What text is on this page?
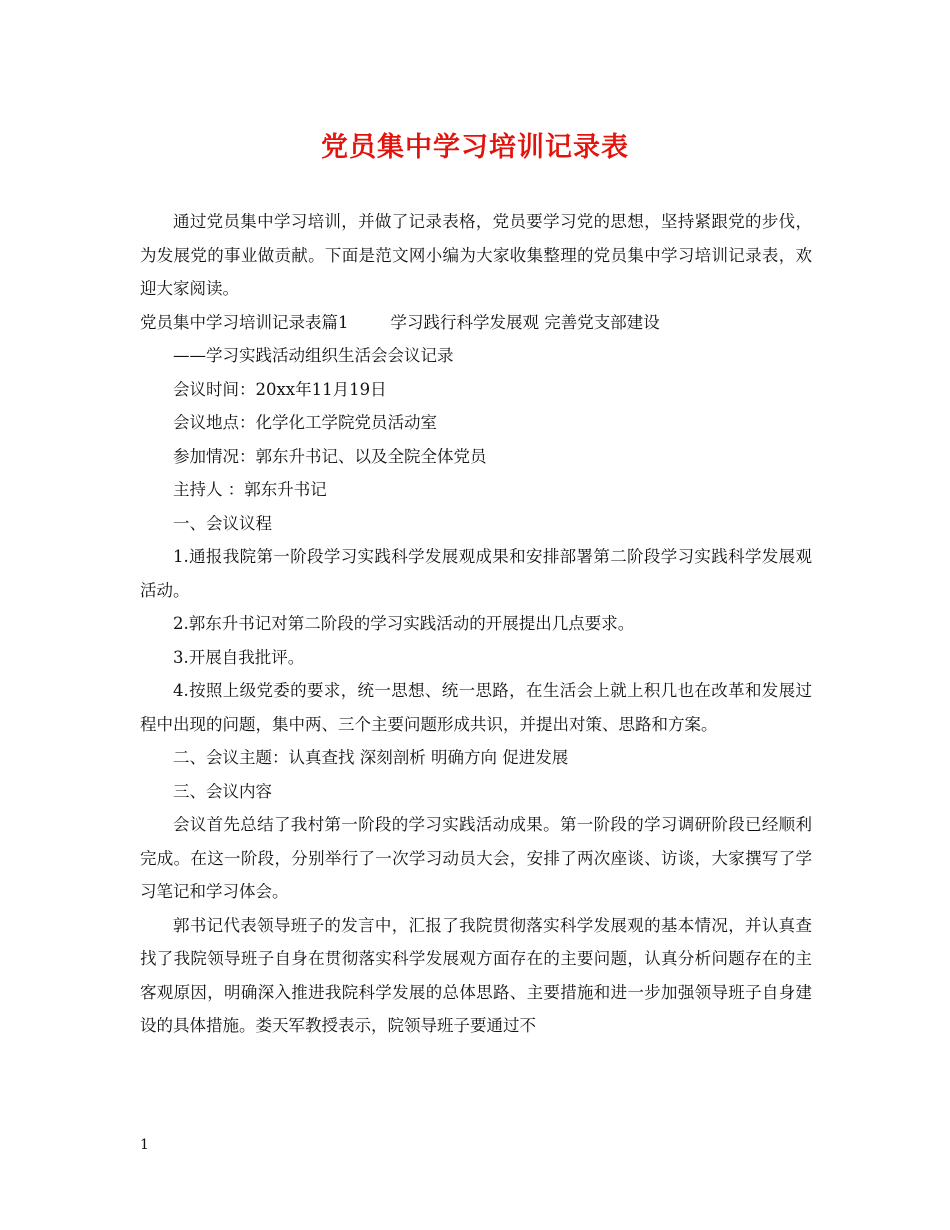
党员集中学习培训记录表

通过党员集中学习培训，并做了记录表格，党员要学习党的思想，坚持紧跟党的步伐，为发展党的事业做贡献。下面是范文网小编为大家收集整理的党员集中学习培训记录表，欢迎大家阅读。

党员集中学习培训记录表篇1        学习践行科学发展观 完善党支部建设

——学习实践活动组织生活会会议记录

会议时间：20xx年11月19日

会议地点：化学化工学院党员活动室

参加情况：郭东升书记、以及全院全体党员

主持人 ：郭东升书记

一、会议议程

1.通报我院第一阶段学习实践科学发展观成果和安排部署第二阶段学习实践科学发展观活动。

2.郭东升书记对第二阶段的学习实践活动的开展提出几点要求。

3.开展自我批评。

4.按照上级党委的要求，统一思想、统一思路，在生活会上就上积几也在改革和发展过程中出现的问题，集中两、三个主要问题形成共识，并提出对策、思路和方案。

二、会议主题：认真查找 深刻剖析 明确方向 促进发展

三、会议内容

会议首先总结了我村第一阶段的学习实践活动成果。第一阶段的学习调研阶段已经顺利完成。在这一阶段，分别举行了一次学习动员大会，安排了两次座谈、访谈，大家撰写了学习笔记和学习体会。

郭书记代表领导班子的发言中，汇报了我院贯彻落实科学发展观的基本情况，并认真查找了我院领导班子自身在贯彻落实科学发展观方面存在的主要问题，认真分析问题存在的主客观原因，明确深入推进我院科学发展的总体思路、主要措施和进一步加强领导班子自身建设的具体措施。娄天军教授表示，院领导班子要通过不

1
